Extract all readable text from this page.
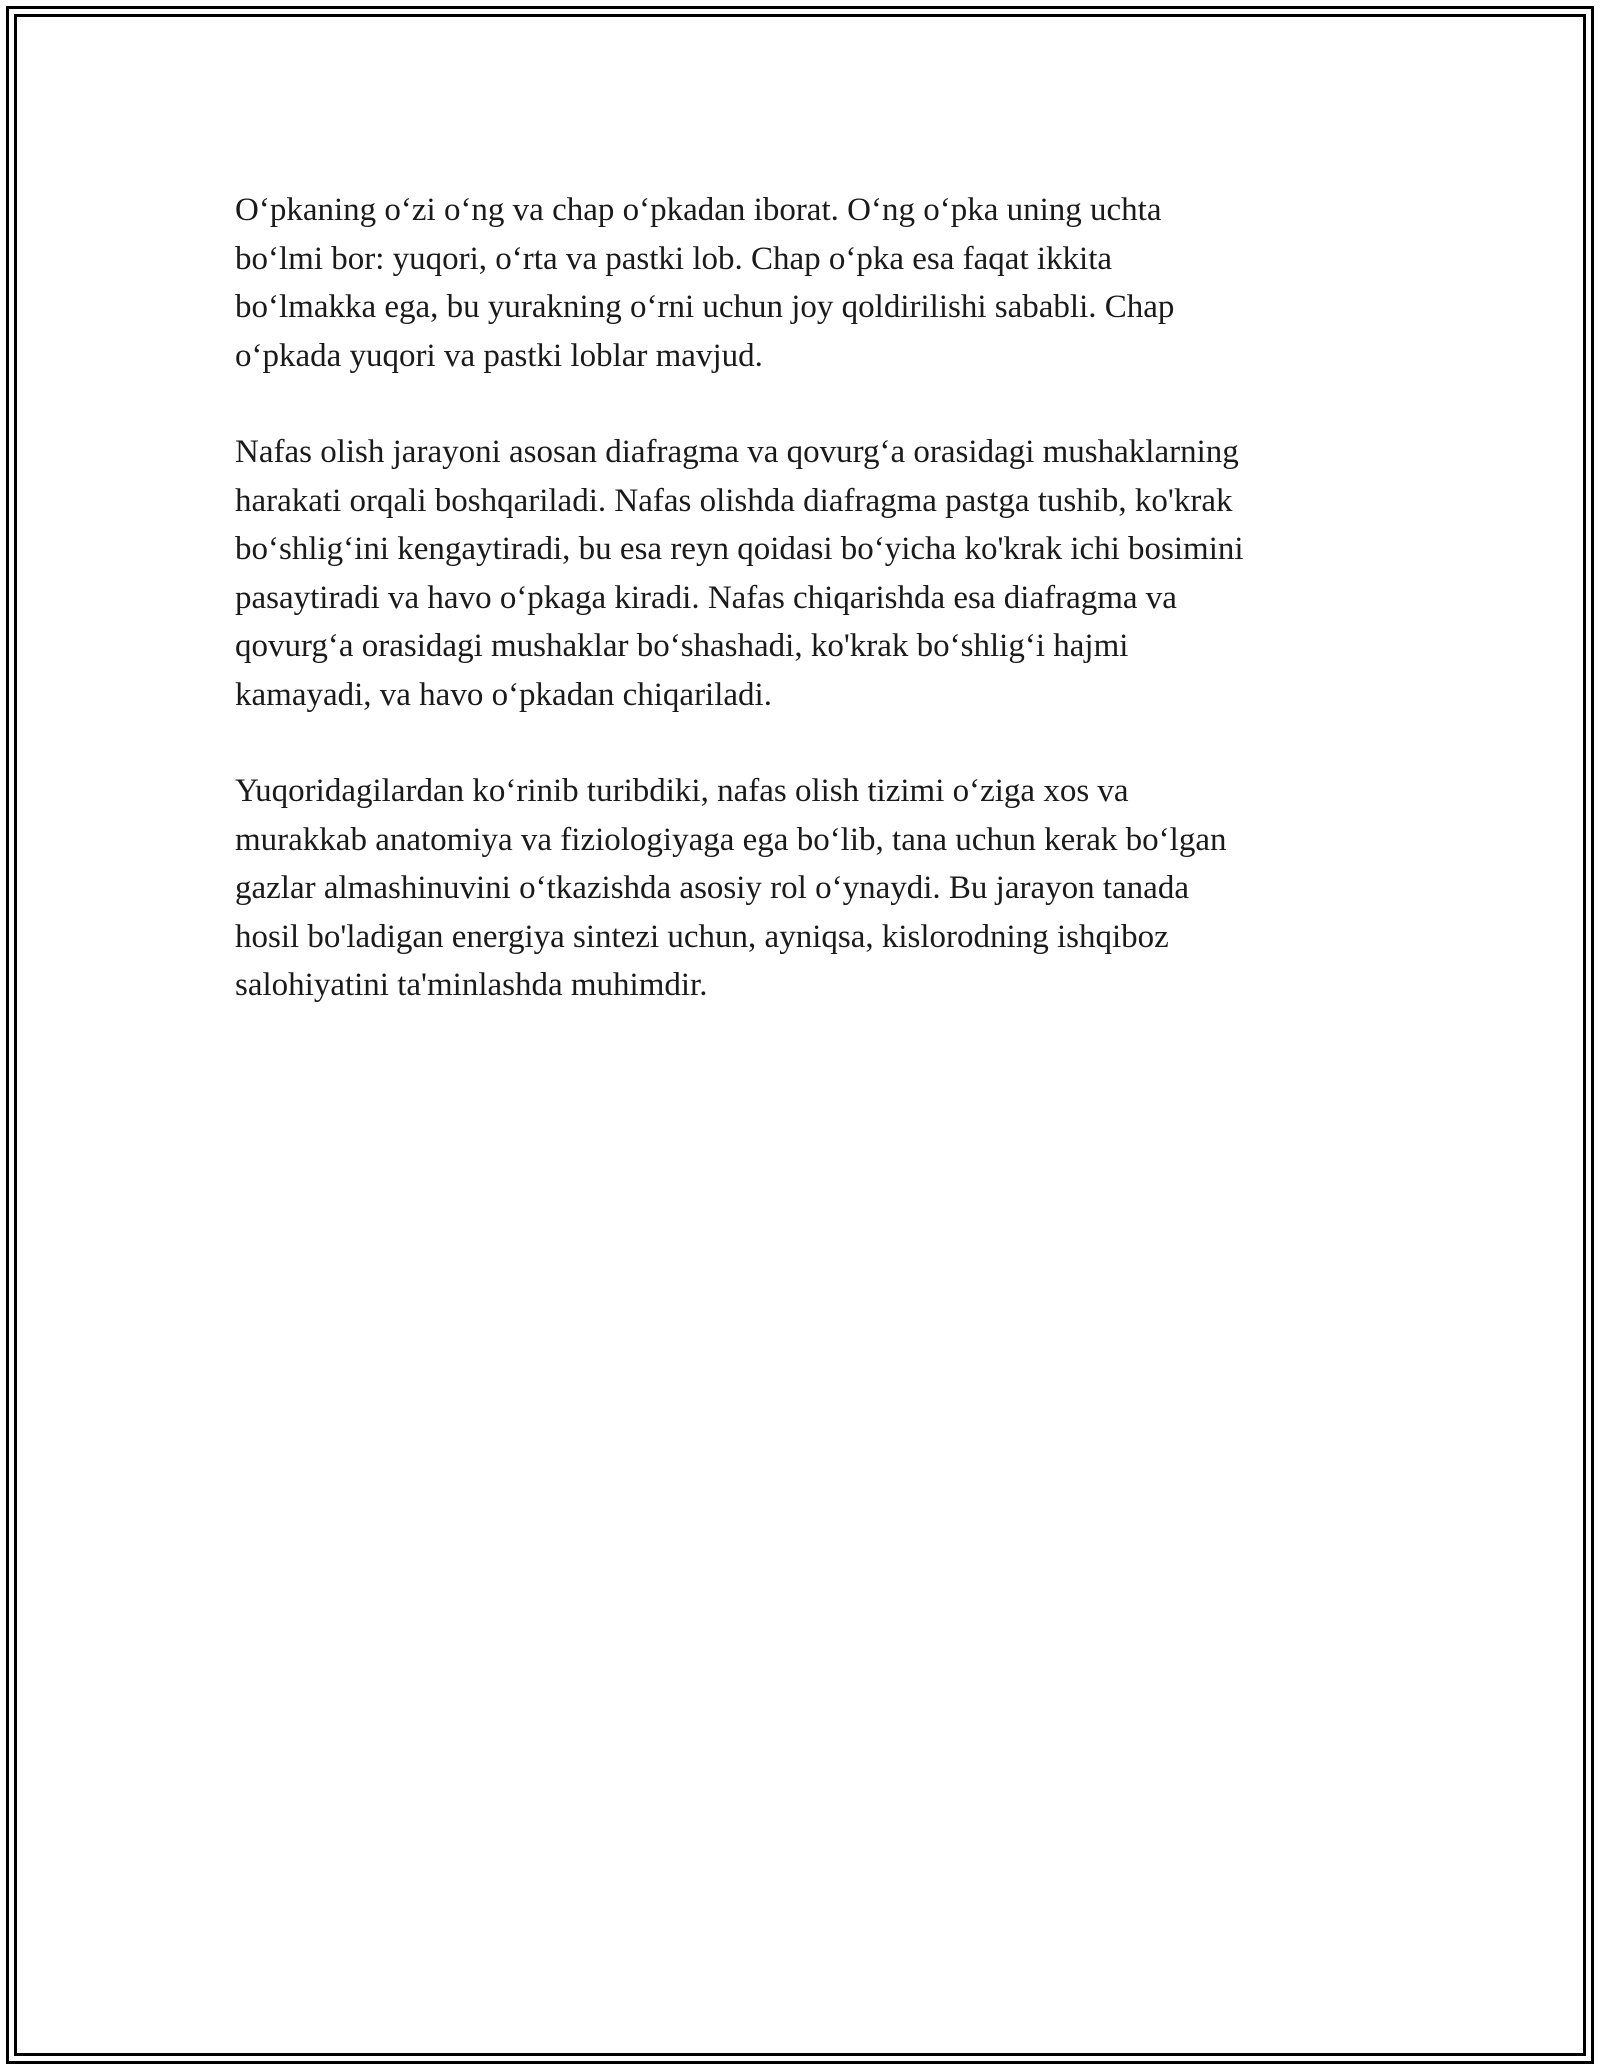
O‘pkaning o‘zi o‘ng va chap o‘pkadan iborat. O‘ng o‘pka uning uchta
bo‘lmi bor: yuqori, o‘rta va pastki lob. Chap o‘pka esa faqat ikkita
bo‘lmakka ega, bu yurakning o‘rni uchun joy qoldirilishi sababli. Chap
o‘pkada yuqori va pastki loblar mavjud.

Nafas olish jarayoni asosan diafragma va qovurg‘a orasidagi mushaklarning
harakati orqali boshqariladi. Nafas olishda diafragma pastga tushib, ko'krak
bo‘shlig‘ini kengaytiradi, bu esa reyn qoidasi bo‘yicha ko'krak ichi bosimini
pasaytiradi va havo o‘pkaga kiradi. Nafas chiqarishda esa diafragma va
qovurg‘a orasidagi mushaklar bo‘shashadi, ko'krak bo‘shlig‘i hajmi
kamayadi, va havo o‘pkadan chiqariladi.

Yuqoridagilardan ko‘rinib turibdiki, nafas olish tizimi o‘ziga xos va
murakkab anatomiya va fiziologiyaga ega bo‘lib, tana uchun kerak bo‘lgan
gazlar almashinuvini o‘tkazishda asosiy rol o‘ynaydi. Bu jarayon tanada
hosil bo'ladigan energiya sintezi uchun, ayniqsa, kislorodning ishqiboz
salohiyatini ta'minlashda muhimdir.
